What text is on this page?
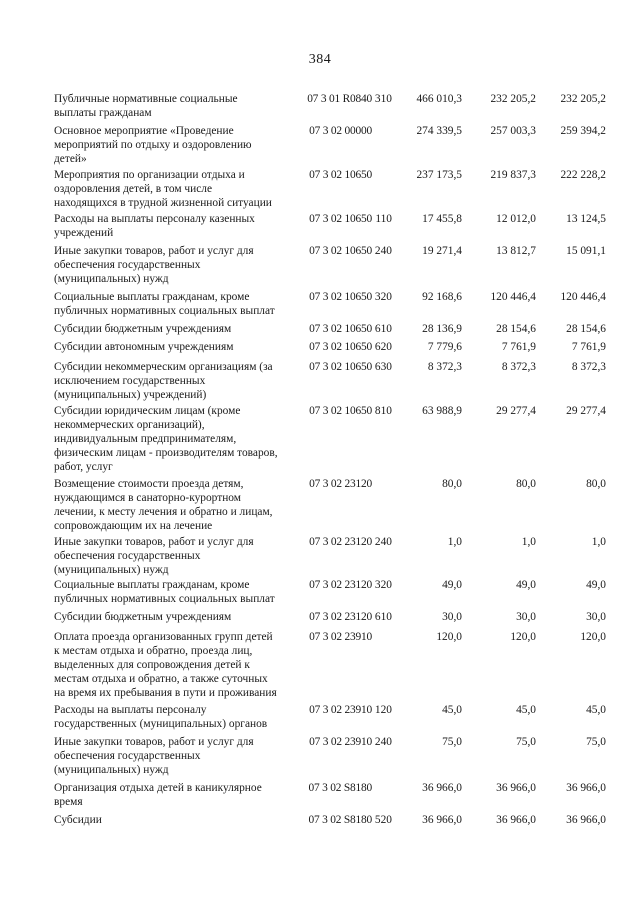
384
Публичные нормативные социальные
выплаты гражданам
07 3 01 R0840 310	466 010,3	232 205,2	232 205,2
Основное мероприятие «Проведение
мероприятий по отдыху и оздоровлению
детей»
07 3 02 00000	274 339,5	257 003,3	259 394,2
Мероприятия по организации отдыха и
оздоровления детей, в том числе
находящихся в трудной жизненной ситуации
07 3 02 10650	237 173,5	219 837,3	222 228,2
Расходы на выплаты персоналу казенных
учреждений
07 3 02 10650 110	17 455,8	12 012,0	13 124,5
Иные закупки товаров, работ и услуг для
обеспечения государственных
(муниципальных) нужд
07 3 02 10650 240	19 271,4	13 812,7	15 091,1
Социальные выплаты гражданам, кроме
публичных нормативных социальных выплат
07 3 02 10650 320	92 168,6	120 446,4	120 446,4
Субсидии бюджетным учреждениям	07 3 02 10650 610	28 136,9	28 154,6	28 154,6
Субсидии автономным учреждениям	07 3 02 10650 620	7 779,6	7 761,9	7 761,9
Субсидии некоммерческим организациям (за
исключением государственных
(муниципальных) учреждений)
07 3 02 10650 630	8 372,3	8 372,3	8 372,3
Субсидии юридическим лицам (кроме
некоммерческих организаций),
индивидуальным предпринимателям,
физическим лицам - производителям товаров,
работ, услуг
07 3 02 10650 810	63 988,9	29 277,4	29 277,4
Возмещение стоимости проезда детям,
нуждающимся в санаторно-курортном
лечении, к месту лечения и обратно и лицам,
сопровождающим их на лечение
07 3 02 23120	80,0	80,0	80,0
Иные закупки товаров, работ и услуг для
обеспечения государственных
(муниципальных) нужд
07 3 02 23120 240	1,0	1,0	1,0
Социальные выплаты гражданам, кроме
публичных нормативных социальных выплат
07 3 02 23120 320	49,0	49,0	49,0
Субсидии бюджетным учреждениям	07 3 02 23120 610	30,0	30,0	30,0
Оплата проезда организованных групп детей
к местам отдыха и обратно, проезда лиц,
выделенных для сопровождения детей к
местам отдыха и обратно, а также суточных
на время их пребывания в пути и проживания
07 3 02 23910	120,0	120,0	120,0
Расходы на выплаты персоналу
государственных (муниципальных) органов
07 3 02 23910 120	45,0	45,0	45,0
Иные закупки товаров, работ и услуг для
обеспечения государственных
(муниципальных) нужд
07 3 02 23910 240	75,0	75,0	75,0
Организация отдыха детей в каникулярное
время
07 3 02 S8180	36 966,0	36 966,0	36 966,0
Субсидии	07 3 02 S8180 520	36 966,0	36 966,0	36 966,0
